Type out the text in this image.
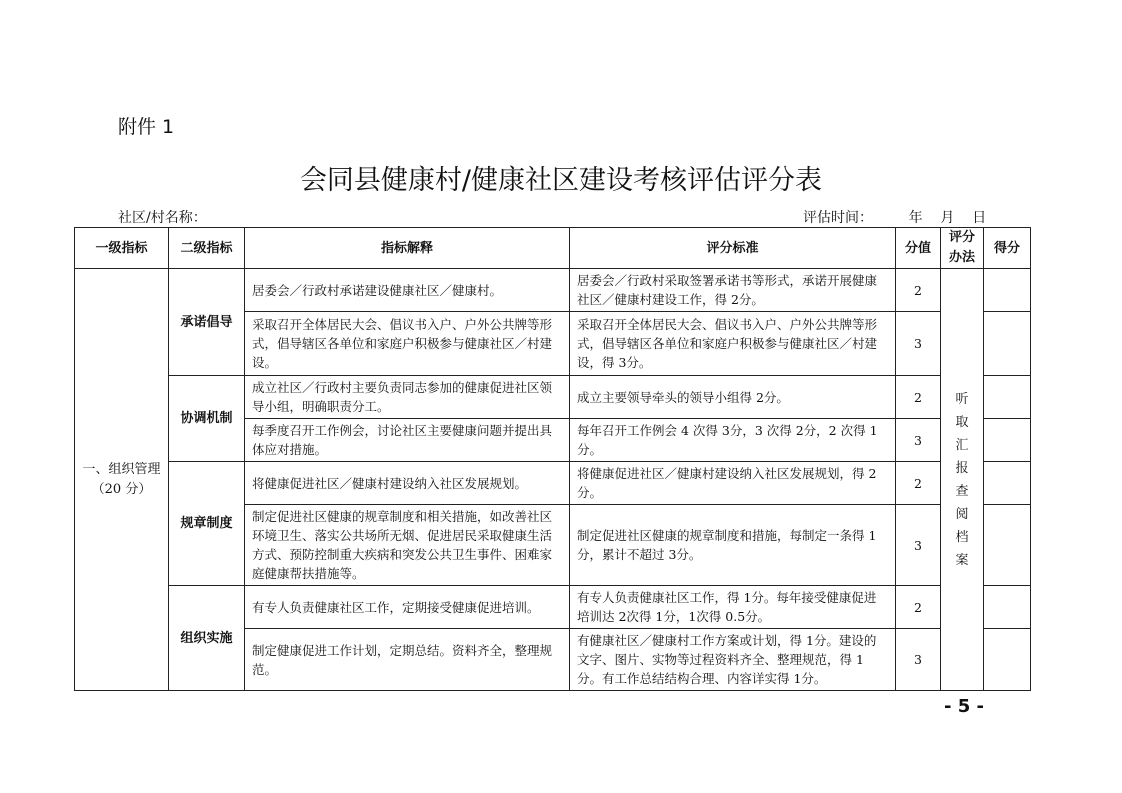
附件 1
会同县健康村/健康社区建设考核评估评分表
社区/村名称：	评估时间：        年    月    日
一级指标	二级指标	指标解释	评分标准	分值	评分办法	得分

一、组织管理
（20 分）	承诺倡导	居委会／行政村承诺建设健康社区／健康村。	居委会／行政村采取签署承诺书等形式，承诺开展健康社区／健康村建设工作，得 2分。	2	听 取 汇 报 查 阅 档 案	
		采取召开全体居民大会、倡议书入户、户外公共牌等形式，倡导辖区各单位和家庭户积极参与健康社区／村建设。	采取召开全体居民大会、倡议书入户、户外公共牌等形式，倡导辖区各单位和家庭户积极参与健康社区／村建设，得 3分。	3		
	协调机制	成立社区／行政村主要负责同志参加的健康促进社区领导小组，明确职责分工。	成立主要领导牵头的领导小组得 2分。	2		
		每季度召开工作例会，讨论社区主要健康问题并提出具体应对措施。	每年召开工作例会 4 次得 3分，3 次得 2分，2 次得 1分。	3		
	规章制度	将健康促进社区／健康村建设纳入社区发展规划。	将健康促进社区／健康村建设纳入社区发展规划，得 2分。	2		
		制定促进社区健康的规章制度和相关措施，如改善社区环境卫生、落实公共场所无烟、促进居民采取健康生活方式、预防控制重大疾病和突发公共卫生事件、困难家庭健康帮扶措施等。	制定促进社区健康的规章制度和措施，每制定一条得 1分，累计不超过 3分。	3		
	组织实施	有专人负责健康社区工作，定期接受健康促进培训。	有专人负责健康社区工作，得 1分。每年接受健康促进培训达 2次得 1分，1次得 0.5分。	2		
		制定健康促进工作计划，定期总结。资料齐全，整理规范。	有健康社区／健康村工作方案或计划，得 1分。建设的文字、图片、实物等过程资料齐全、整理规范，得 1分。有工作总结结构合理、内容详实得 1分。	3		
- 5 -
